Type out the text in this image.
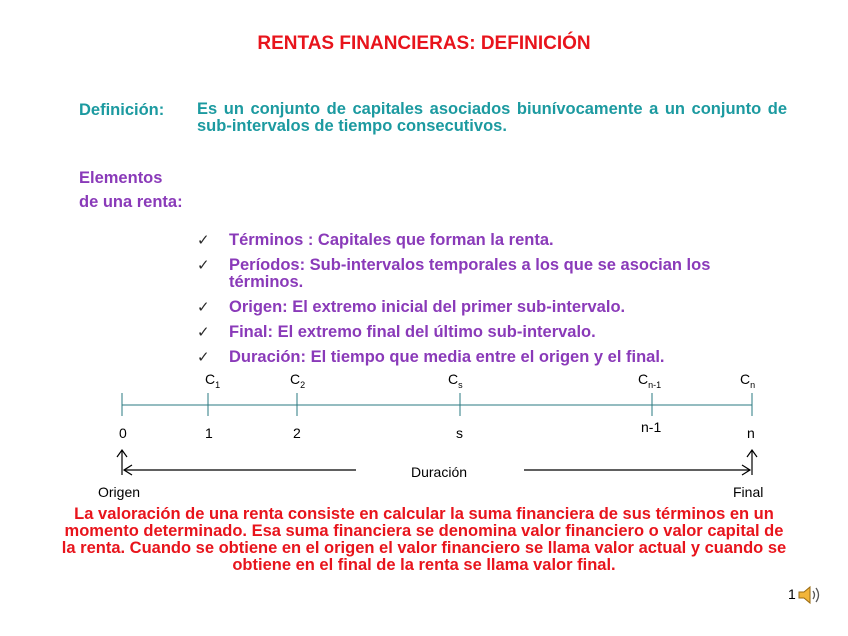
RENTAS FINANCIERAS: DEFINICIÓN
Definición: Es un conjunto de capitales asociados biunívocamente a un conjunto de sub-intervalos de tiempo consecutivos.
Elementos
de una renta:
✓ Términos : Capitales que forman la renta.
✓ Períodos: Sub-intervalos temporales a los que se asocian los términos.
✓ Origen: El extremo inicial del primer sub-intervalo.
✓ Final: El extremo final del último sub-intervalo.
✓ Duración: El tiempo que media entre el origen y el final.
$C_1$	$C_2$	$C_s$	$C_{n-1}$	$C_n$
0	1	2	s	n-1	n
Duración
Origen	Final
La valoración de una renta consiste en calcular la suma financiera de sus términos en un momento determinado. Esa suma financiera se denomina valor financiero o valor capital de la renta. Cuando se obtiene en el origen el valor financiero se llama valor actual y cuando se obtiene en el final de la renta se llama valor final.
1
